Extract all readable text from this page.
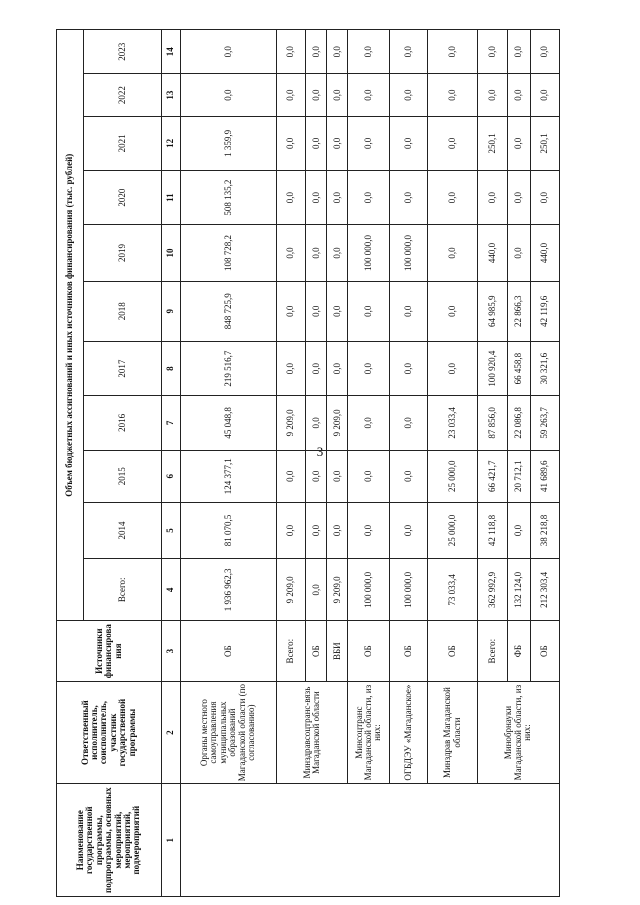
3
Наименование государственной программы, подпрограммы, основных мероприятий, мероприятий, подмероприятий	Ответственный исполнитель, соисполнитель, участник государственной программы	Источники финансирова ния	Объем бюджетных ассигнований и иных источников финансирования (тыс. рублей)										
			Всего:	2014	2015	2016	2017	2018	2019	2020	2021	2022	2023
1	2	3	4	5	6	7	8	9	10	11	12	13	14
	Органы местного самоуправления муниципальных образований Магаданской области (по согласованию)	ОБ	1 936 962,3	81 070,5	124 377,1	45 048,8	219 516,7	848 725,9	108 728,2	508 135,2	1 359,9	0,0	0,0
	Минздравсоцтранс-вязь Магаданской области	Всего:	9 209,0	0,0	0,0	9 209,0	0,0	0,0	0,0	0,0	0,0	0,0	0,0
		ОБ	0,0	0,0	0,0	0,0	0,0	0,0	0,0	0,0	0,0	0,0	0,0
		ВБИ	9 209,0	0,0	0,0	9 209,0	0,0	0,0	0,0	0,0	0,0	0,0	0,0
	Минсоцтранс Магаданской области, из них:	ОБ	100 000,0	0,0	0,0	0,0	0,0	0,0	100 000,0	0,0	0,0	0,0	0,0
	ОГБДЭУ «Магаданское»	ОБ	100 000,0	0,0	0,0	0,0	0,0	0,0	100 000,0	0,0	0,0	0,0	0,0
	Минздрав Магаданской области	ОБ	73 033,4	25 000,0	25 000,0	23 033,4	0,0	0,0	0,0	0,0	0,0	0,0	0,0
	Минобрнауки Магаданской области, из них:	Всего:	362 992,9	42 118,8	66 421,7	87 856,0	100 920,4	64 985,9	440,0	0,0	250,1	0,0	0,0
		ФБ	132 124,0	0,0	20 712,1	22 086,8	66 458,8	22 866,3	0,0	0,0	0,0	0,0	0,0
		ОБ	212 303,4	38 218,8	41 689,6	59 263,7	30 321,6	42 119,6	440,0	0,0	250,1	0,0	0,0
